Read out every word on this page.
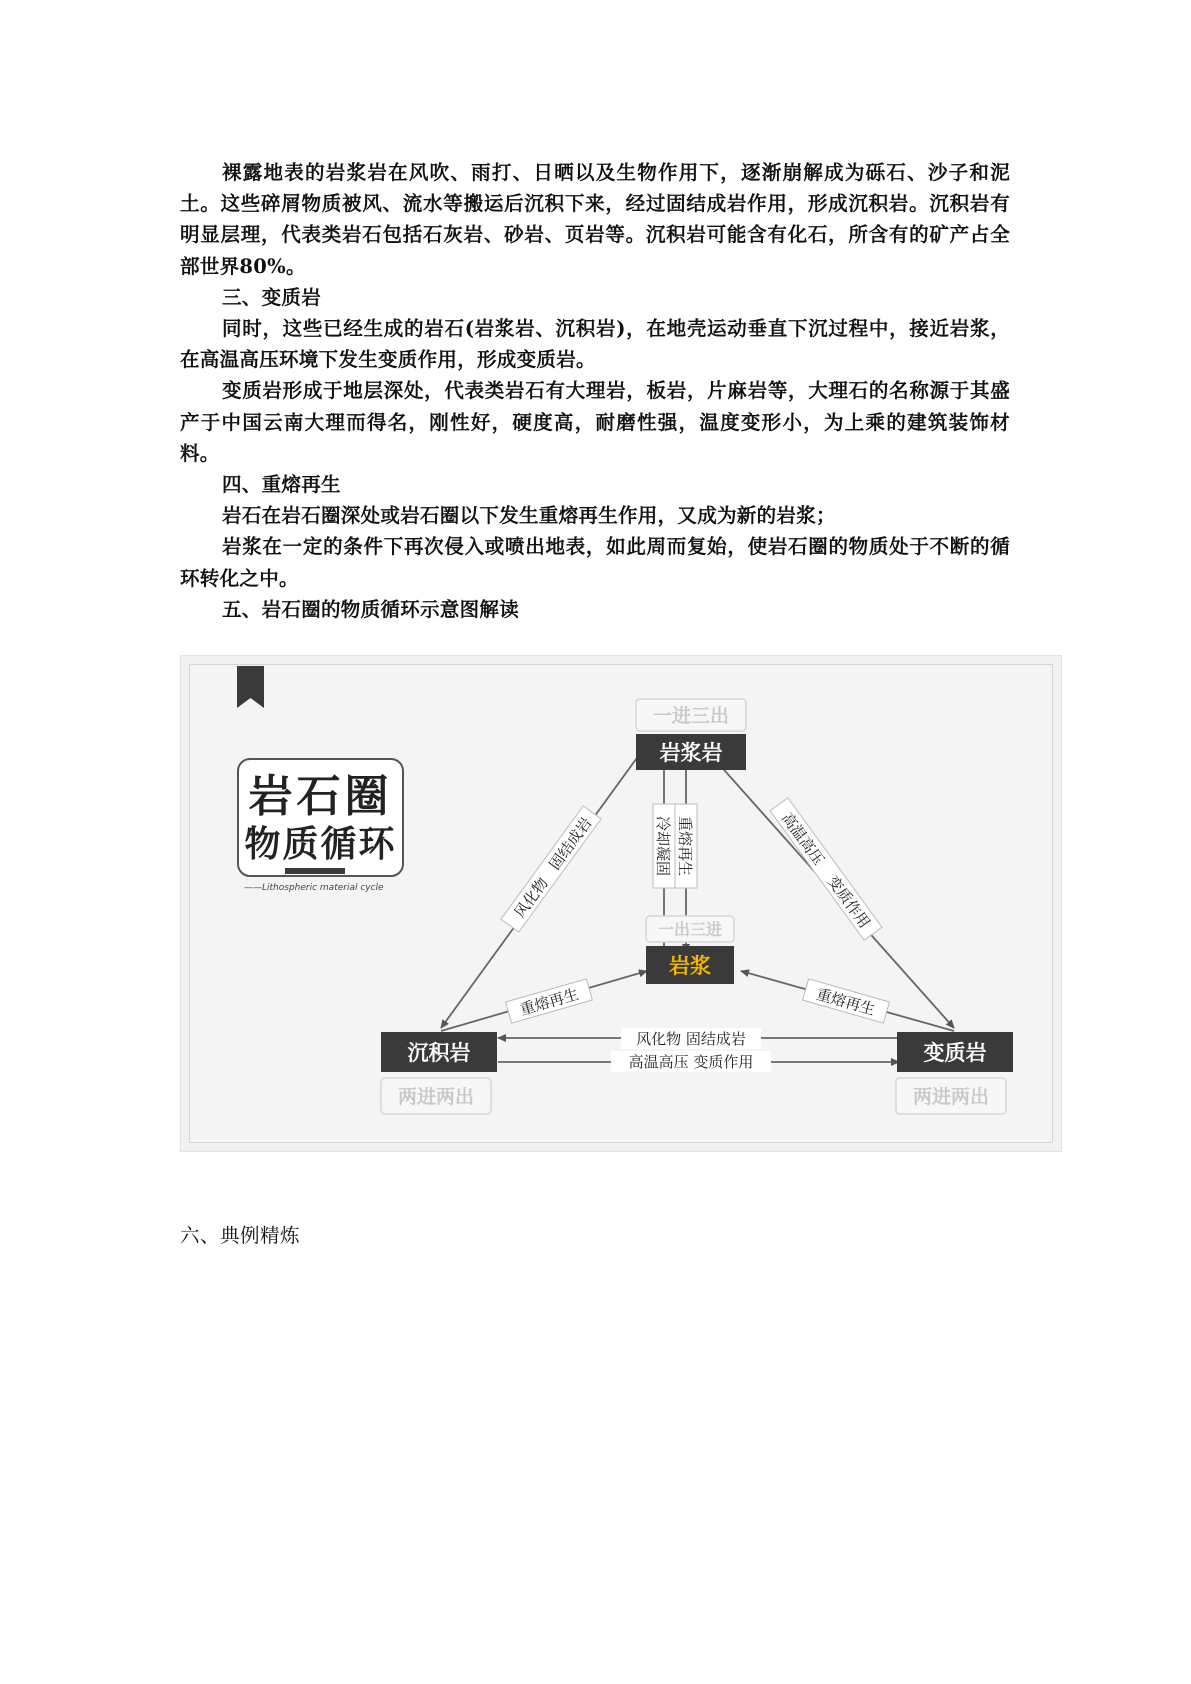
裸露地表的岩浆岩在风吹、雨打、日晒以及生物作用下，逐渐崩解成为砾石、沙子和泥土。这些碎屑物质被风、流水等搬运后沉积下来，经过固结成岩作用，形成沉积岩。沉积岩有明显层理，代表类岩石包括石灰岩、砂岩、页岩等。沉积岩可能含有化石，所含有的矿产占全部世界80%。

三、变质岩

同时，这些已经生成的岩石(岩浆岩、沉积岩)，在地壳运动垂直下沉过程中，接近岩浆，在高温高压环境下发生变质作用，形成变质岩。

变质岩形成于地层深处，代表类岩石有大理岩，板岩，片麻岩等，大理石的名称源于其盛产于中国云南大理而得名，刚性好，硬度高，耐磨性强，温度变形小，为上乘的建筑装饰材料。

四、重熔再生

岩石在岩石圈深处或岩石圈以下发生重熔再生作用，又成为新的岩浆；

岩浆在一定的条件下再次侵入或喷出地表，如此周而复始，使岩石圈的物质处于不断的循环转化之中。

五、岩石圈的物质循环示意图解读

岩石圈
物质循环
——Lithospheric material cycle	风化物
固结成岩	高温高压
变质作用
冷却凝固 重熔再生
重熔再生	重熔再生
风化物 固结成岩
高温高压 变质作用
一进三出
一出三进
两进两出	两进两出
岩浆岩
岩浆
沉积岩	变质岩
六、典例精炼
